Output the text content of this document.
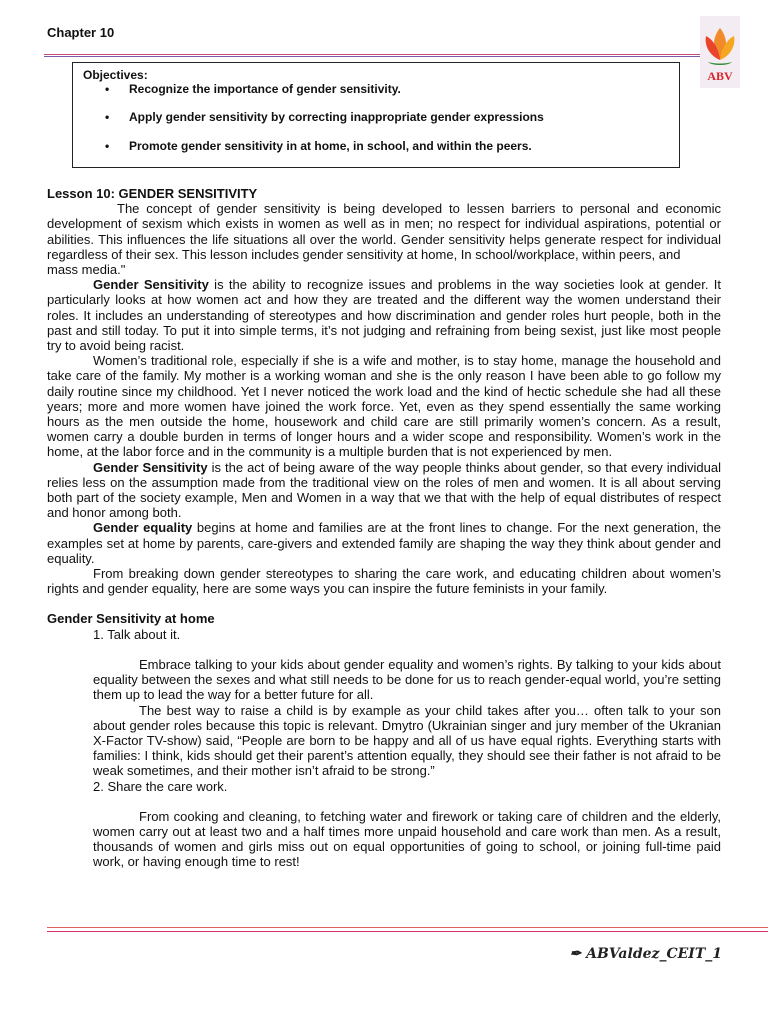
Chapter 10
ABV
Objectives:
•	Recognize the importance of gender sensitivity.
•	Apply gender sensitivity by correcting inappropriate gender expressions
•	Promote gender sensitivity in at home, in school, and within the peers.

Lesson 10: GENDER SENSITIVITY

The concept of gender sensitivity is being developed to lessen barriers to personal and economic development of sexism which exists in women as well as in men; no respect for individual aspirations, potential or abilities. This influences the life situations all over the world. Gender sensitivity helps generate respect for individual regardless of their sex. This lesson includes gender sensitivity at home, In school/workplace, within peers, and

mass media."

Gender Sensitivity is the ability to recognize issues and problems in the way societies look at gender. It particularly looks at how women act and how they are treated and the different way the women understand their roles. It includes an understanding of stereotypes and how discrimination and gender roles hurt people, both in the past and still today. To put it into simple terms, it’s not judging and refraining from being sexist, just like most people try to avoid being racist.

Women’s traditional role, especially if she is a wife and mother, is to stay home, manage the household and take care of the family. My mother is a working woman and she is the only reason I have been able to go follow my daily routine since my childhood. Yet I never noticed the work load and the kind of hectic schedule she had all these years; more and more women have joined the work force. Yet, even as they spend essentially the same working hours as the men outside the home, housework and child care are still primarily women’s concern. As a result, women carry a double burden in terms of longer hours and a wider scope and responsibility. Women’s work in the home, at the labor force and in the community is a multiple burden that is not experienced by men.

Gender Sensitivity is the act of being aware of the way people thinks about gender, so that every individual relies less on the assumption made from the traditional view on the roles of men and women. It is all about serving both part of the society example, Men and Women in a way that we that with the help of equal distributes of respect and honor among both.

Gender equality begins at home and families are at the front lines to change. For the next generation, the examples set at home by parents, care-givers and extended family are shaping the way they think about gender and equality.

From breaking down gender stereotypes to sharing the care work, and educating children about women’s rights and gender equality, here are some ways you can inspire the future feminists in your family.

Gender Sensitivity at home

1. Talk about it.

Embrace talking to your kids about gender equality and women’s rights. By talking to your kids about equality between the sexes and what still needs to be done for us to reach gender-equal world, you’re setting them up to lead the way for a better future for all.

The best way to raise a child is by example as your child takes after you… often talk to your son about gender roles because this topic is relevant. Dmytro (Ukrainian singer and jury member of the Ukranian X-Factor TV-show) said, “People are born to be happy and all of us have equal rights. Everything starts with families: I think, kids should get their parent’s attention equally, they should see their father is not afraid to be weak sometimes, and their mother isn’t afraid to be strong.”

2. Share the care work.

From cooking and cleaning, to fetching water and firework or taking care of children and the elderly, women carry out at least two and a half times more unpaid household and care work than men. As a result, thousands of women and girls miss out on equal opportunities of going to school, or joining full-time paid work, or having enough time to rest!

✒ ABValdez_CEIT_1
